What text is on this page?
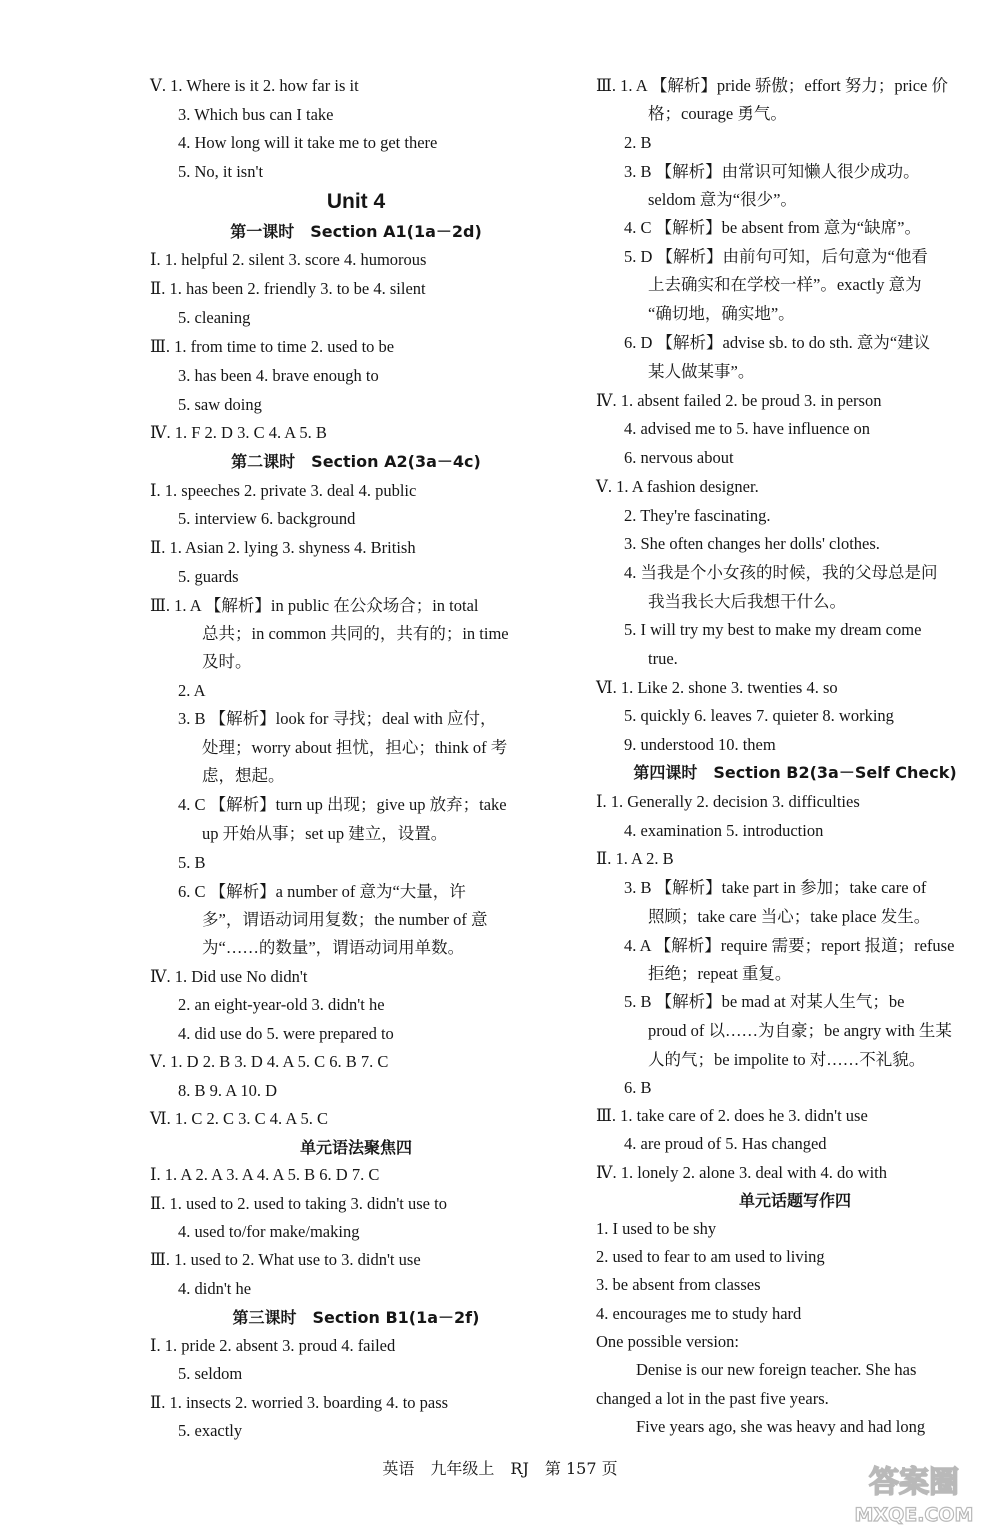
Ⅴ. 1. Where is it 2. how far is it
3. Which bus can I take
4. How long will it take me to get there
5. No, it isn't
Unit 4
第一课时　Section A1(1a－2d)
Ⅰ. 1. helpful 2. silent 3. score 4. humorous
Ⅱ. 1. has been 2. friendly 3. to be 4. silent
5. cleaning
Ⅲ. 1. from time to time 2. used to be
3. has been 4. brave enough to
5. saw doing
Ⅳ. 1. F 2. D 3. C 4. A 5. B
第二课时　Section A2(3a－4c)
Ⅰ. 1. speeches 2. private 3. deal 4. public
5. interview 6. background
Ⅱ. 1. Asian 2. lying 3. shyness 4. British
5. guards
Ⅲ. 1. A 【解析】in public 在公众场合；in total
总共；in common 共同的，共有的；in time
及时。
2. A
3. B 【解析】look for 寻找；deal with 应付，
处理；worry about 担忧，担心；think of 考
虑，想起。
4. C 【解析】turn up 出现；give up 放弃；take
up 开始从事；set up 建立，设置。
5. B
6. C 【解析】a number of 意为“大量，许
多”，谓语动词用复数；the number of 意
为“……的数量”，谓语动词用单数。
Ⅳ. 1. Did use No didn't
2. an eight-year-old 3. didn't he
4. did use do 5. were prepared to
Ⅴ. 1. D 2. B 3. D 4. A 5. C 6. B 7. C
8. B 9. A 10. D
Ⅵ. 1. C 2. C 3. C 4. A 5. C
单元语法聚焦四
Ⅰ. 1. A 2. A 3. A 4. A 5. B 6. D 7. C
Ⅱ. 1. used to 2. used to taking 3. didn't use to
4. used to/for make/making
Ⅲ. 1. used to 2. What use to 3. didn't use
4. didn't he
第三课时　Section B1(1a－2f)
Ⅰ. 1. pride 2. absent 3. proud 4. failed
5. seldom
Ⅱ. 1. insects 2. worried 3. boarding 4. to pass
5. exactly
Ⅲ. 1. A 【解析】pride 骄傲；effort 努力；price 价
格；courage 勇气。
2. B
3. B 【解析】由常识可知懒人很少成功。
seldom 意为“很少”。
4. C 【解析】be absent from 意为“缺席”。
5. D 【解析】由前句可知，后句意为“他看
上去确实和在学校一样”。exactly 意为
“确切地，确实地”。
6. D 【解析】advise sb. to do sth. 意为“建议
某人做某事”。
Ⅳ. 1. absent failed 2. be proud 3. in person
4. advised me to 5. have influence on
6. nervous about
Ⅴ. 1. A fashion designer.
2. They're fascinating.
3. She often changes her dolls' clothes.
4. 当我是个小女孩的时候，我的父母总是问
我当我长大后我想干什么。
5. I will try my best to make my dream come
true.
Ⅵ. 1. Like 2. shone 3. twenties 4. so
5. quickly 6. leaves 7. quieter 8. working
9. understood 10. them
第四课时　Section B2(3a－Self Check)
Ⅰ. 1. Generally 2. decision 3. difficulties
4. examination 5. introduction
Ⅱ. 1. A 2. B
3. B 【解析】take part in 参加；take care of
照顾；take care 当心；take place 发生。
4. A 【解析】require 需要；report 报道；refuse
拒绝；repeat 重复。
5. B 【解析】be mad at 对某人生气；be
proud of 以……为自豪；be angry with 生某
人的气；be impolite to 对……不礼貌。
6. B
Ⅲ. 1. take care of 2. does he 3. didn't use
4. are proud of 5. Has changed
Ⅳ. 1. lonely 2. alone 3. deal with 4. do with
单元话题写作四
1. I used to be shy
2. used to fear to am used to living
3. be absent from classes
4. encourages me to study hard
One possible version:
Denise is our new foreign teacher. She has
changed a lot in the past five years.
Five years ago, she was heavy and had long
英语　九年级上　RJ　第 157 页	答案圈
MXQE.COM
